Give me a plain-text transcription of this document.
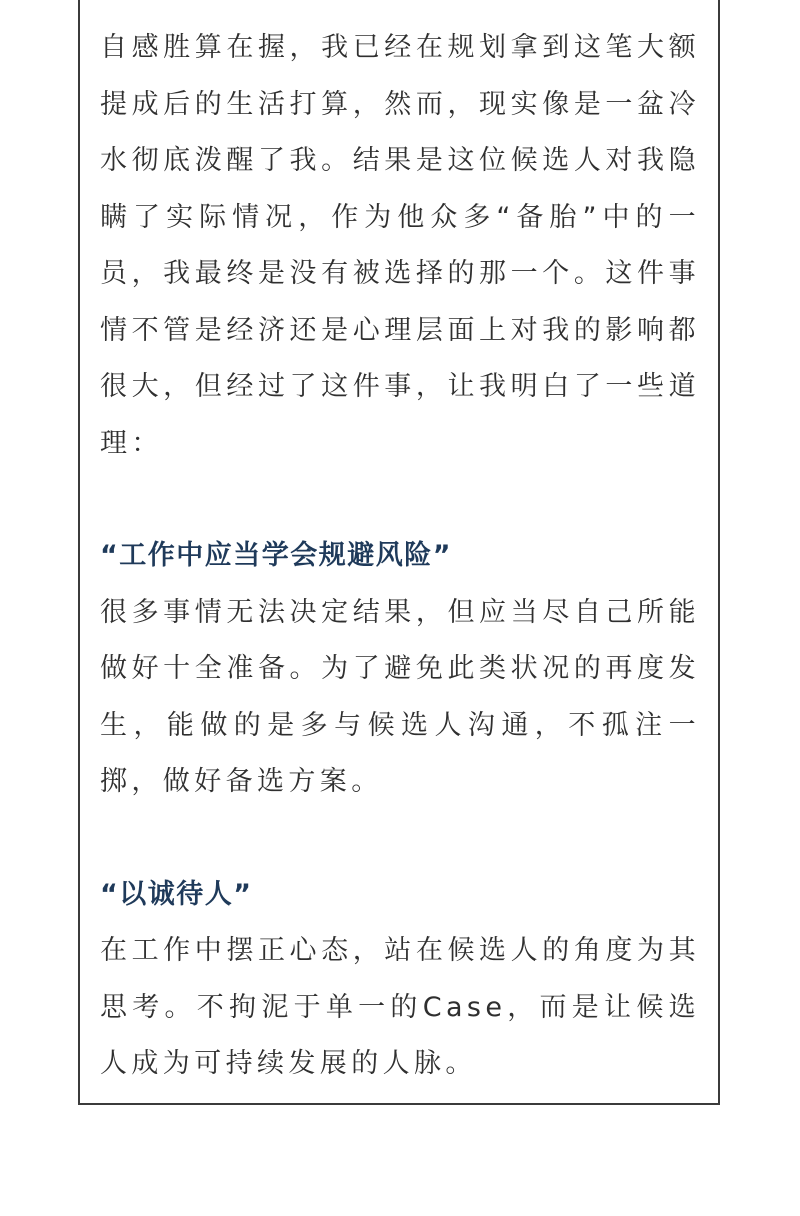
自感胜算在握，我已经在规划拿到这笔大额提成后的生活打算，然而，现实像是一盆冷水彻底泼醒了我。结果是这位候选人对我隐瞒了实际情况，作为他众多“备胎”中的一员，我最终是没有被选择的那一个。这件事情不管是经济还是心理层面上对我的影响都很大，但经过了这件事，让我明白了一些道理：

“工作中应当学会规避风险”

很多事情无法决定结果，但应当尽自己所能做好十全准备。为了避免此类状况的再度发生，能做的是多与候选人沟通，不孤注一掷，做好备选方案。

“以诚待人”

在工作中摆正心态，站在候选人的角度为其思考。不拘泥于单一的Case，而是让候选人成为可持续发展的人脉。
